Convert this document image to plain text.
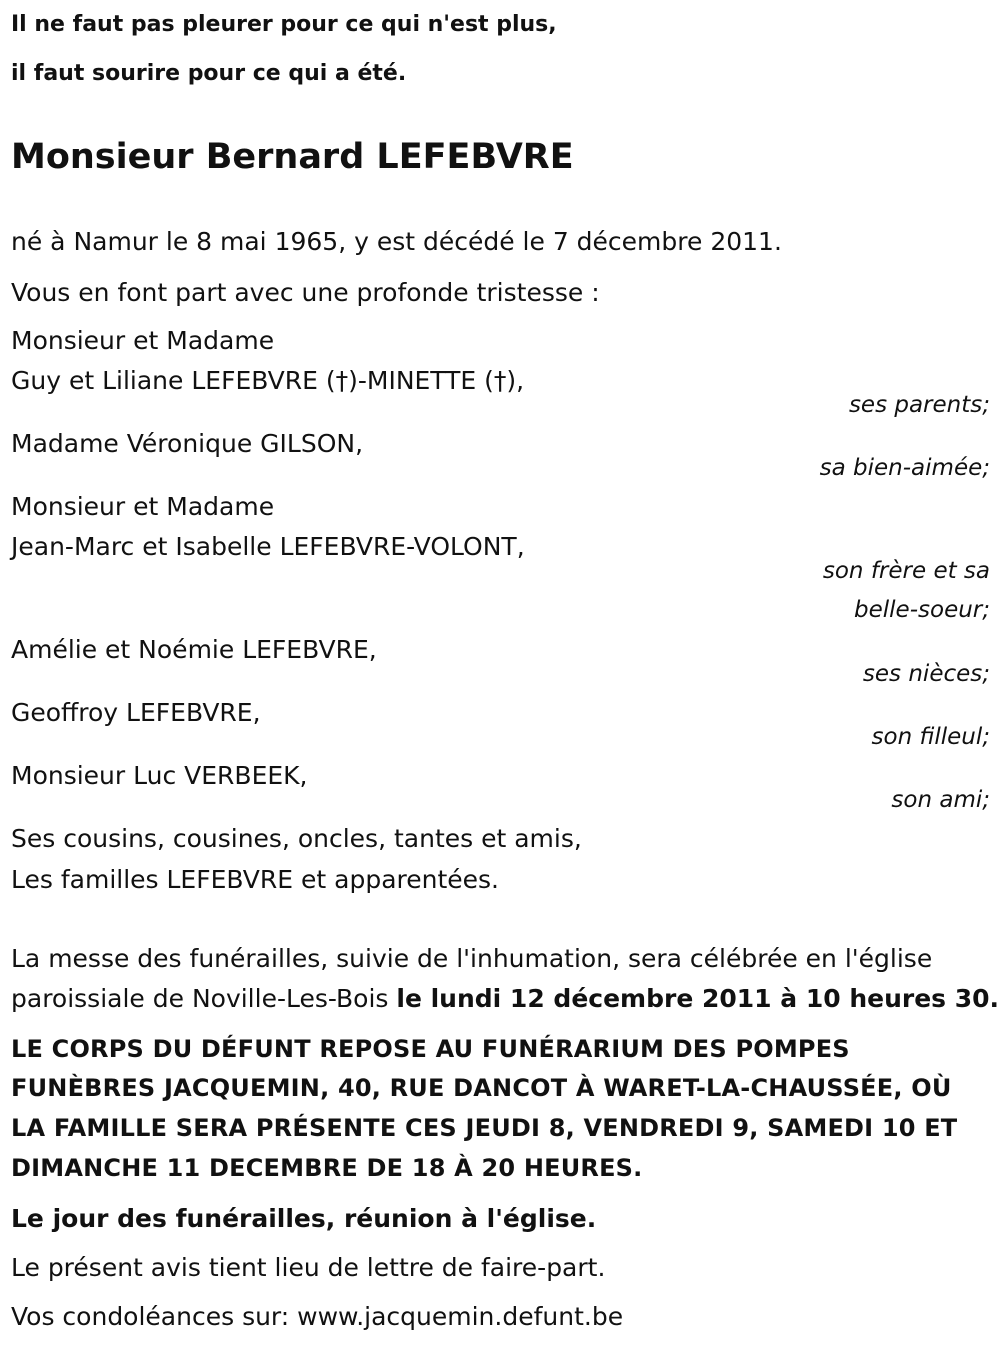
Il ne faut pas pleurer pour ce qui n'est plus,
il faut sourire pour ce qui a été.
Monsieur Bernard LEFEBVRE
né à Namur le 8 mai 1965, y est décédé le 7 décembre 2011.
Vous en font part avec une profonde tristesse :
Monsieur et Madame
Guy et Liliane LEFEBVRE (†)-MINETTE (†),
ses parents;
Madame Véronique GILSON,
sa bien-aimée;
Monsieur et Madame
Jean-Marc et Isabelle LEFEBVRE-VOLONT,
son frère et sa
belle-soeur;
Amélie et Noémie LEFEBVRE,
ses nièces;
Geoffroy LEFEBVRE,
son filleul;
Monsieur Luc VERBEEK,
son ami;
Ses cousins, cousines, oncles, tantes et amis,
Les familles LEFEBVRE et apparentées.
La messe des funérailles, suivie de l'inhumation, sera célébrée en l'église
paroissiale de Noville-Les-Bois le lundi 12 décembre 2011 à 10 heures 30.
LE CORPS DU DÉFUNT REPOSE AU FUNÉRARIUM DES POMPES
FUNÈBRES JACQUEMIN, 40, RUE DANCOT À WARET-LA-CHAUSSÉE, OÙ
LA FAMILLE SERA PRÉSENTE CES JEUDI 8, VENDREDI 9, SAMEDI 10 ET
DIMANCHE 11 DECEMBRE DE 18 À 20 HEURES.
Le jour des funérailles, réunion à l'église.
Le présent avis tient lieu de lettre de faire-part.
Vos condoléances sur: www.jacquemin.defunt.be
